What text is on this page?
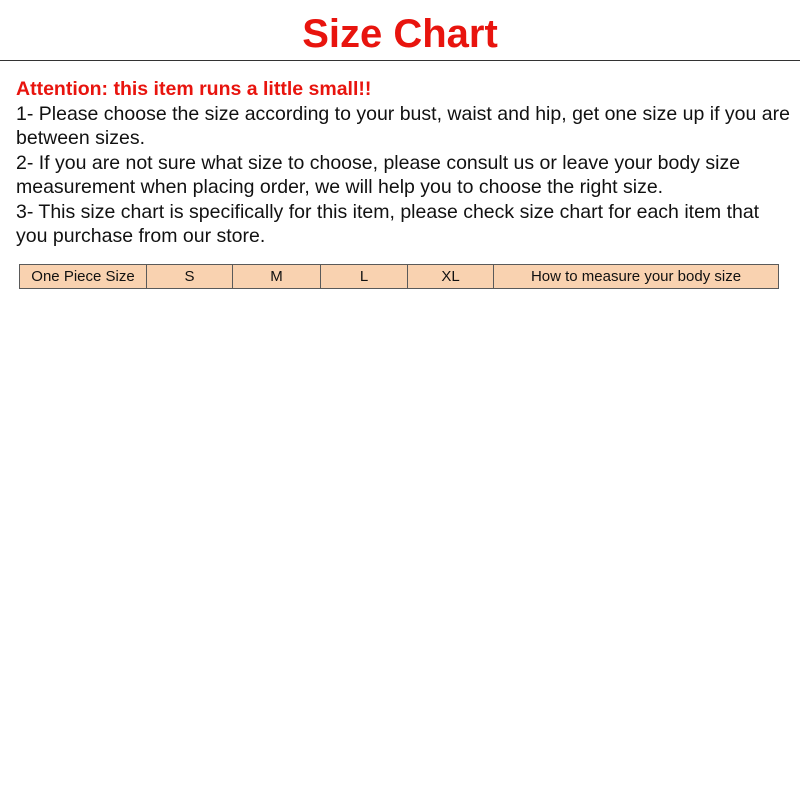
Size Chart
Attention: this item runs a little small!!
1- Please choose the size according to your bust, waist and hip, get one size up if you are between sizes.
2- If you are not sure what size to choose, please consult us or leave your body size measurement when placing order, we will help you to choose the right size.
3- This size chart is specifically for this item, please check size chart for each item that you purchase from our store.
One Piece Size	S	M	L	XL	How to measure your body size
